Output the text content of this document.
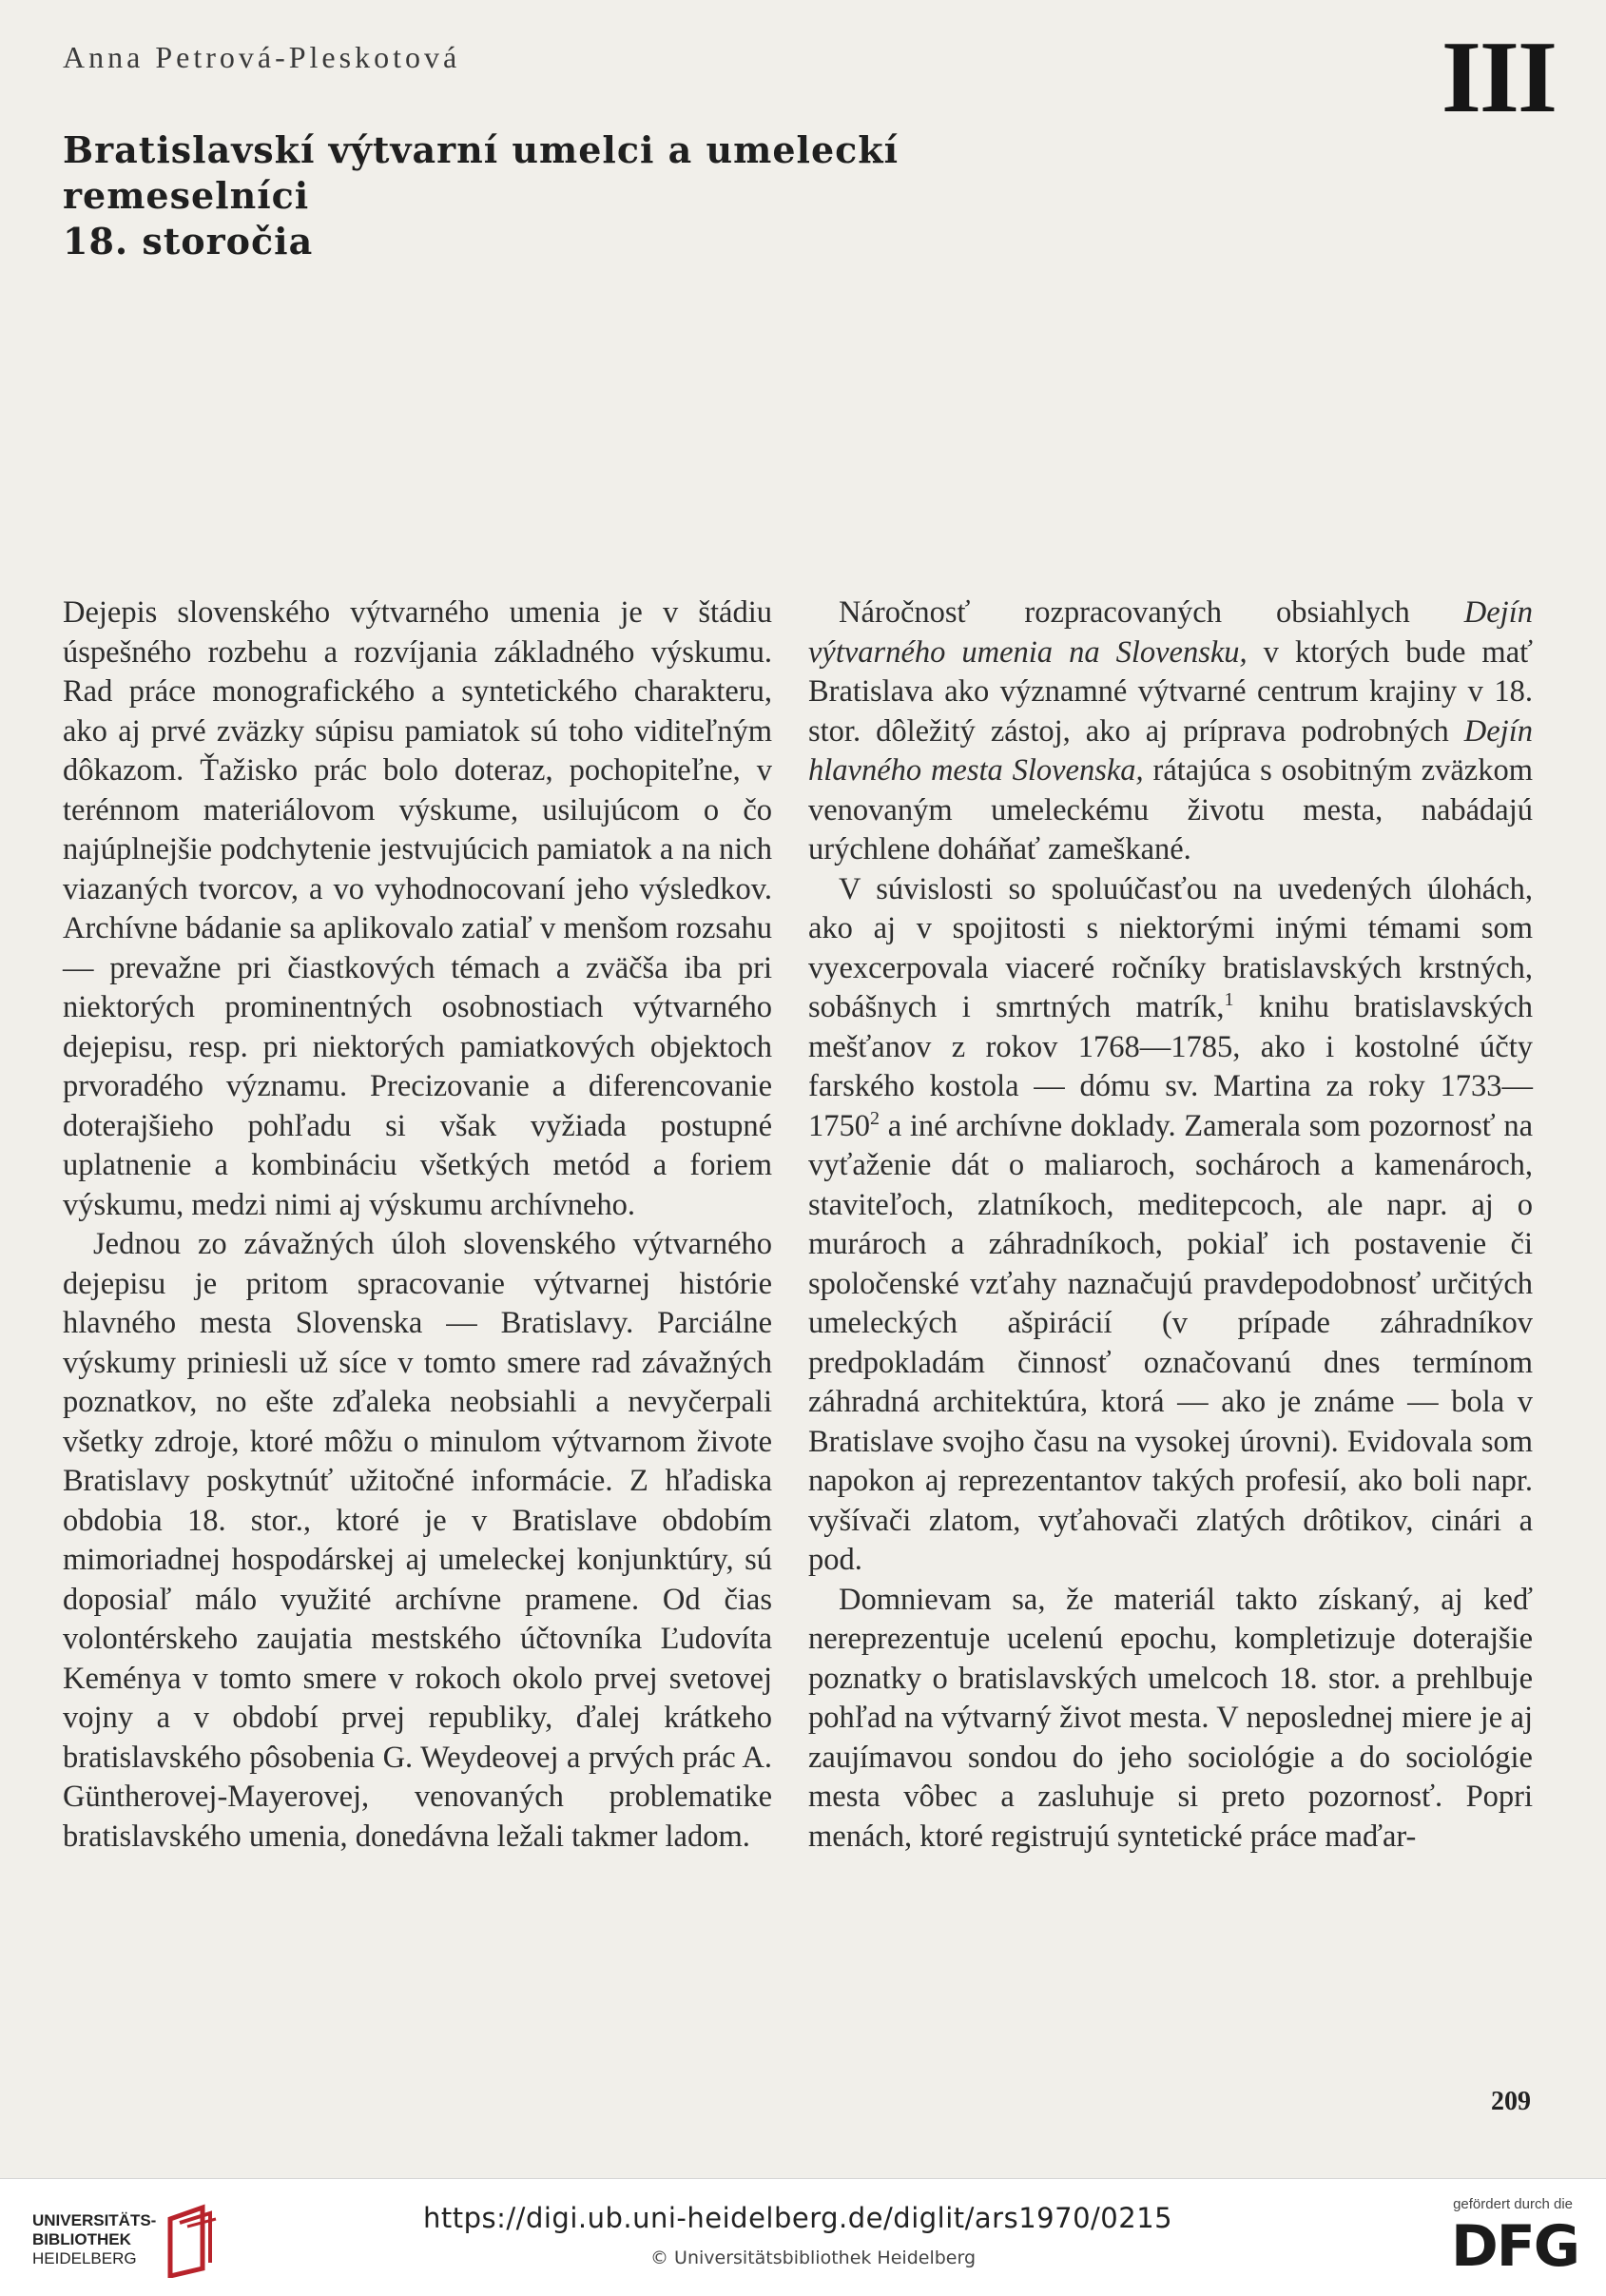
Anna Petrová-Pleskotová	III
Bratislavskí výtvarní umelci a umeleckí remeselníci
18. storočia

Dejepis slovenského výtvarného umenia je v štádiu úspešného rozbehu a rozvíjania základného výskumu. Rad práce monografického a syntetického charakteru, ako aj prvé zväzky súpisu pamiatok sú toho viditeľným dôkazom. Ťažisko prác bolo doteraz, pochopiteľne, v terénnom materiálovom výskume, usilujúcom o čo najúplnejšie podchytenie jestvujúcich pamiatok a na nich viazaných tvorcov, a vo vyhodnocovaní jeho výsledkov. Archívne bádanie sa aplikovalo zatiaľ v menšom rozsahu — prevažne pri čiastkových témach a zväčša iba pri niektorých prominentných osobnostiach výtvarného dejepisu, resp. pri niektorých pamiatkových objektoch prvoradého významu. Precizovanie a diferencovanie doterajšieho pohľadu si však vyžiada postupné uplatnenie a kombináciu všetkých metód a foriem výskumu, medzi nimi aj výskumu archívneho.

Jednou zo závažných úloh slovenského výtvarného dejepisu je pritom spracovanie výtvarnej histórie hlavného mesta Slovenska — Bratislavy. Parciálne výskumy priniesli už síce v tomto smere rad závažných poznatkov, no ešte zďaleka neobsiahli a nevyčerpali všetky zdroje, ktoré môžu o minulom výtvarnom živote Bratislavy poskytnúť užitočné informácie. Z hľadiska obdobia 18. stor., ktoré je v Bratislave obdobím mimoriadnej hospodárskej aj umeleckej konjunktúry, sú doposiaľ málo využité archívne pramene. Od čias volontérskeho zaujatia mestského účtovníka Ľudovíta Keménya v tomto smere v rokoch okolo prvej svetovej vojny a v období prvej republiky, ďalej krátkeho bratislavského pôsobenia G. Weydeovej a prvých prác A. Güntherovej-Mayerovej, venovaných problematike bratislavského umenia, donedávna ležali takmer ladom.

Náročnosť rozpracovaných obsiahlych Dejín výtvarného umenia na Slovensku, v ktorých bude mať Bratislava ako významné výtvarné centrum krajiny v 18. stor. dôležitý zástoj, ako aj príprava podrobných Dejín hlavného mesta Slovenska, rátajúca s osobitným zväzkom venovaným umeleckému životu mesta, nabádajú urýchlene doháňať zameškané.

V súvislosti so spoluúčasťou na uvedených úlohách, ako aj v spojitosti s niektorými inými témami som vyexcerpovala viaceré ročníky bratislavských krstných, sobášnych i smrtných matrík,$^1$ knihu bratislavských mešťanov z rokov 1768—1785, ako i kostolné účty farského kostola — dómu sv. Martina za roky 1733—1750$^2$ a iné archívne doklady. Zamerala som pozornosť na vyťaženie dát o maliaroch, sochároch a kamenároch, staviteľoch, zlatníkoch, meditepcoch, ale napr. aj o murároch a záhradníkoch, pokiaľ ich postavenie či spoločenské vzťahy naznačujú pravdepodobnosť určitých umeleckých ašpirácií (v prípade záhradníkov predpokladám činnosť označovanú dnes termínom záhradná architektúra, ktorá — ako je známe — bola v Bratislave svojho času na vysokej úrovni). Evidovala som napokon aj reprezentantov takých profesií, ako boli napr. vyšívači zlatom, vyťahovači zlatých drôtikov, cinári a pod.

Domnievam sa, že materiál takto získaný, aj keď nereprezentuje ucelenú epochu, kompletizuje doterajšie poznatky o bratislavských umelcoch 18. stor. a prehlbuje pohľad na výtvarný život mesta. V neposlednej miere je aj zaujímavou sondou do jeho sociológie a do sociológie mesta vôbec a zasluhuje si preto pozornosť. Popri menách, ktoré registrujú syntetické práce maďar-

209
UNIVERSITÄTS-
BIBLIOTHEK
HEIDELBERG
https://digi.ub.uni-heidelberg.de/diglit/ars1970/0215
© Universitätsbibliothek Heidelberg
gefördert durch die
DFG
